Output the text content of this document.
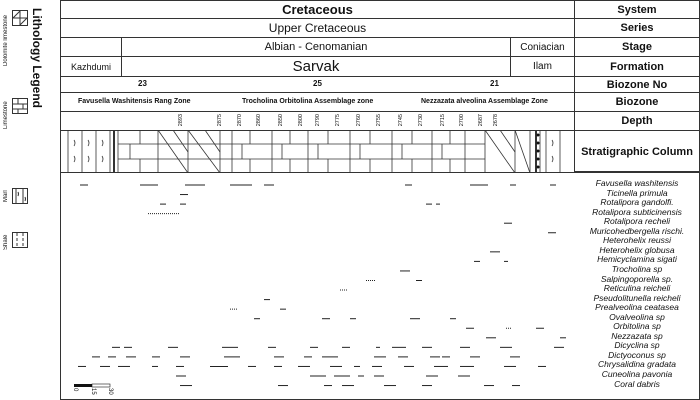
Lithology Legend
Dolomite limestone
Limestone
Marl
Shale
Cretaceous	System
Upper Cretaceous	Series
Albian - Cenomanian	Coniacian	Stage
Kazhdumi	Sarvak	Ilam	Formation
23	25	21	Biozone No
Favusella Washitensis Rang Zone	Trocholina Orbitolina Assemblage zone	Nezzazata alveolina Assemblage Zone	Biozone
2893	2875	2870 2860	2850	2800 2790	2775	2760	2755	2745	2730	2715 2700 2687 2678	Depth
Stratigraphic Column
Favusella washitensis
Ticinella primula
Rotalipora gandolfi.
Rotalipora subticinensis
Rotalipora recheli
Muricohedbergella rischi.
Heterohelix reussi
Heterohelix globusa
Hemicyclamina sigati
Trocholina sp
Salpingoporella sp.
Reticulina reicheli
Pseudolitunella reicheli
Prealveolina ceatasea
Ovalveolina sp
Orbitolina sp
Nezzazata sp
Dicyclina sp
Dictyoconus sp
Chrysalidina gradata
Cuneolina pavonia
Coral dabris
0 15 30
